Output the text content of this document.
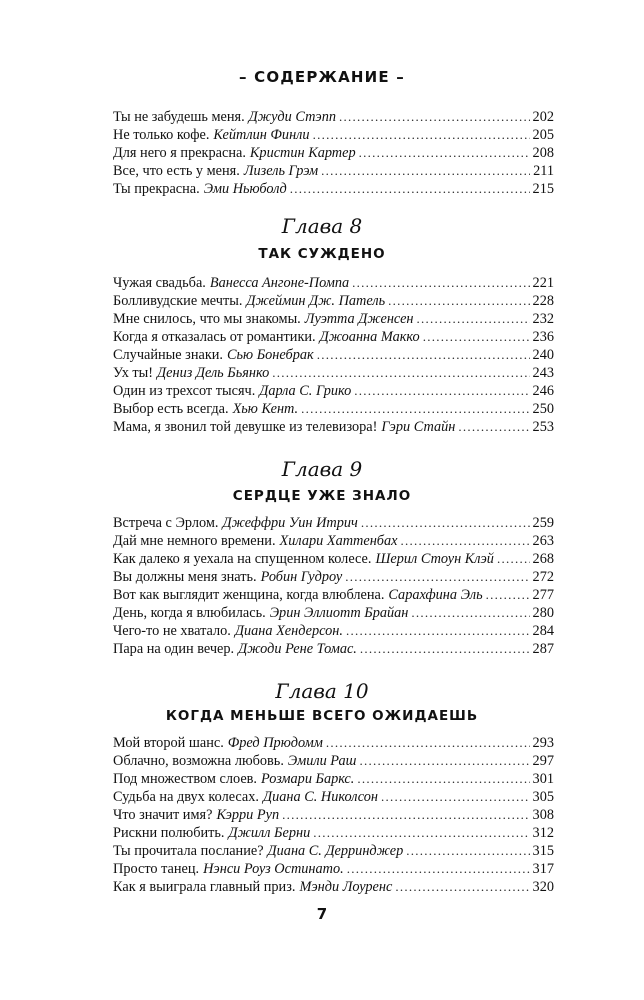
– СОДЕРЖАНИЕ –
Ты не забудешь меня. Джуди Стэпп . . .	202
Не только кофе. Кейтлин Финли . . .	205
Для него я прекрасна. Кристин Картер . . .	208
Все, что есть у меня. Лизель Грэм . . .	211
Ты прекрасна. Эми Ньюболд . . .	215
Глава 8
ТАК СУЖДЕНО
Чужая свадьба. Ванесса Ангоне-Помпа . . .	221
Болливудские мечты. Джеймин Дж. Патель . . .	228
Мне снилось, что мы знакомы. Луэтта Дженсен . . .	232
Когда я отказалась от романтики. Джоанна Макко . . .	236
Случайные знаки. Сью Бонебрак . . .	240
Ух ты! Дениз Дель Бьянко . . .	243
Один из трехсот тысяч. Дарла С. Грико . . .	246
Выбор есть всегда. Хью Кент. . . .	250
Мама, я звонил той девушке из телевизора! Гэри Стайн . . .	253
Глава 9
СЕРДЦЕ УЖЕ ЗНАЛО
Встреча с Эрлом. Джеффри Уин Итрич . . .	259
Дай мне немного времени. Хилари Хаттенбах . . .	263
Как далеко я уехала на спущенном колесе. Шерил Стоун Клэй . . .	268
Вы должны меня знать. Робин Гудроу . . .	272
Вот как выглядит женщина, когда влюблена. Сарахфина Эль . . .	277
День, когда я влюбилась. Эрин Эллиотт Брайан . . .	280
Чего-то не хватало. Диана Хендерсон. . . .	284
Пара на один вечер. Джоди Рене Томас. . . .	287
Глава 10
КОГДА МЕНЬШЕ ВСЕГО ОЖИДАЕШЬ
Мой второй шанс. Фред Прюдомм . . .	293
Облачно, возможна любовь. Эмили Раш . . .	297
Под множеством слоев. Розмари Баркс. . . .	301
Судьба на двух колесах. Диана С. Николсон . . .	305
Что значит имя? Кэрри Руп . . .	308
Рискни полюбить. Джилл Берни . . .	312
Ты прочитала послание? Диана С. Дерринджер . . .	315
Просто танец. Нэнси Роуз Остинато. . . .	317
Как я выиграла главный приз. Мэнди Лоуренс . . .	320
7
